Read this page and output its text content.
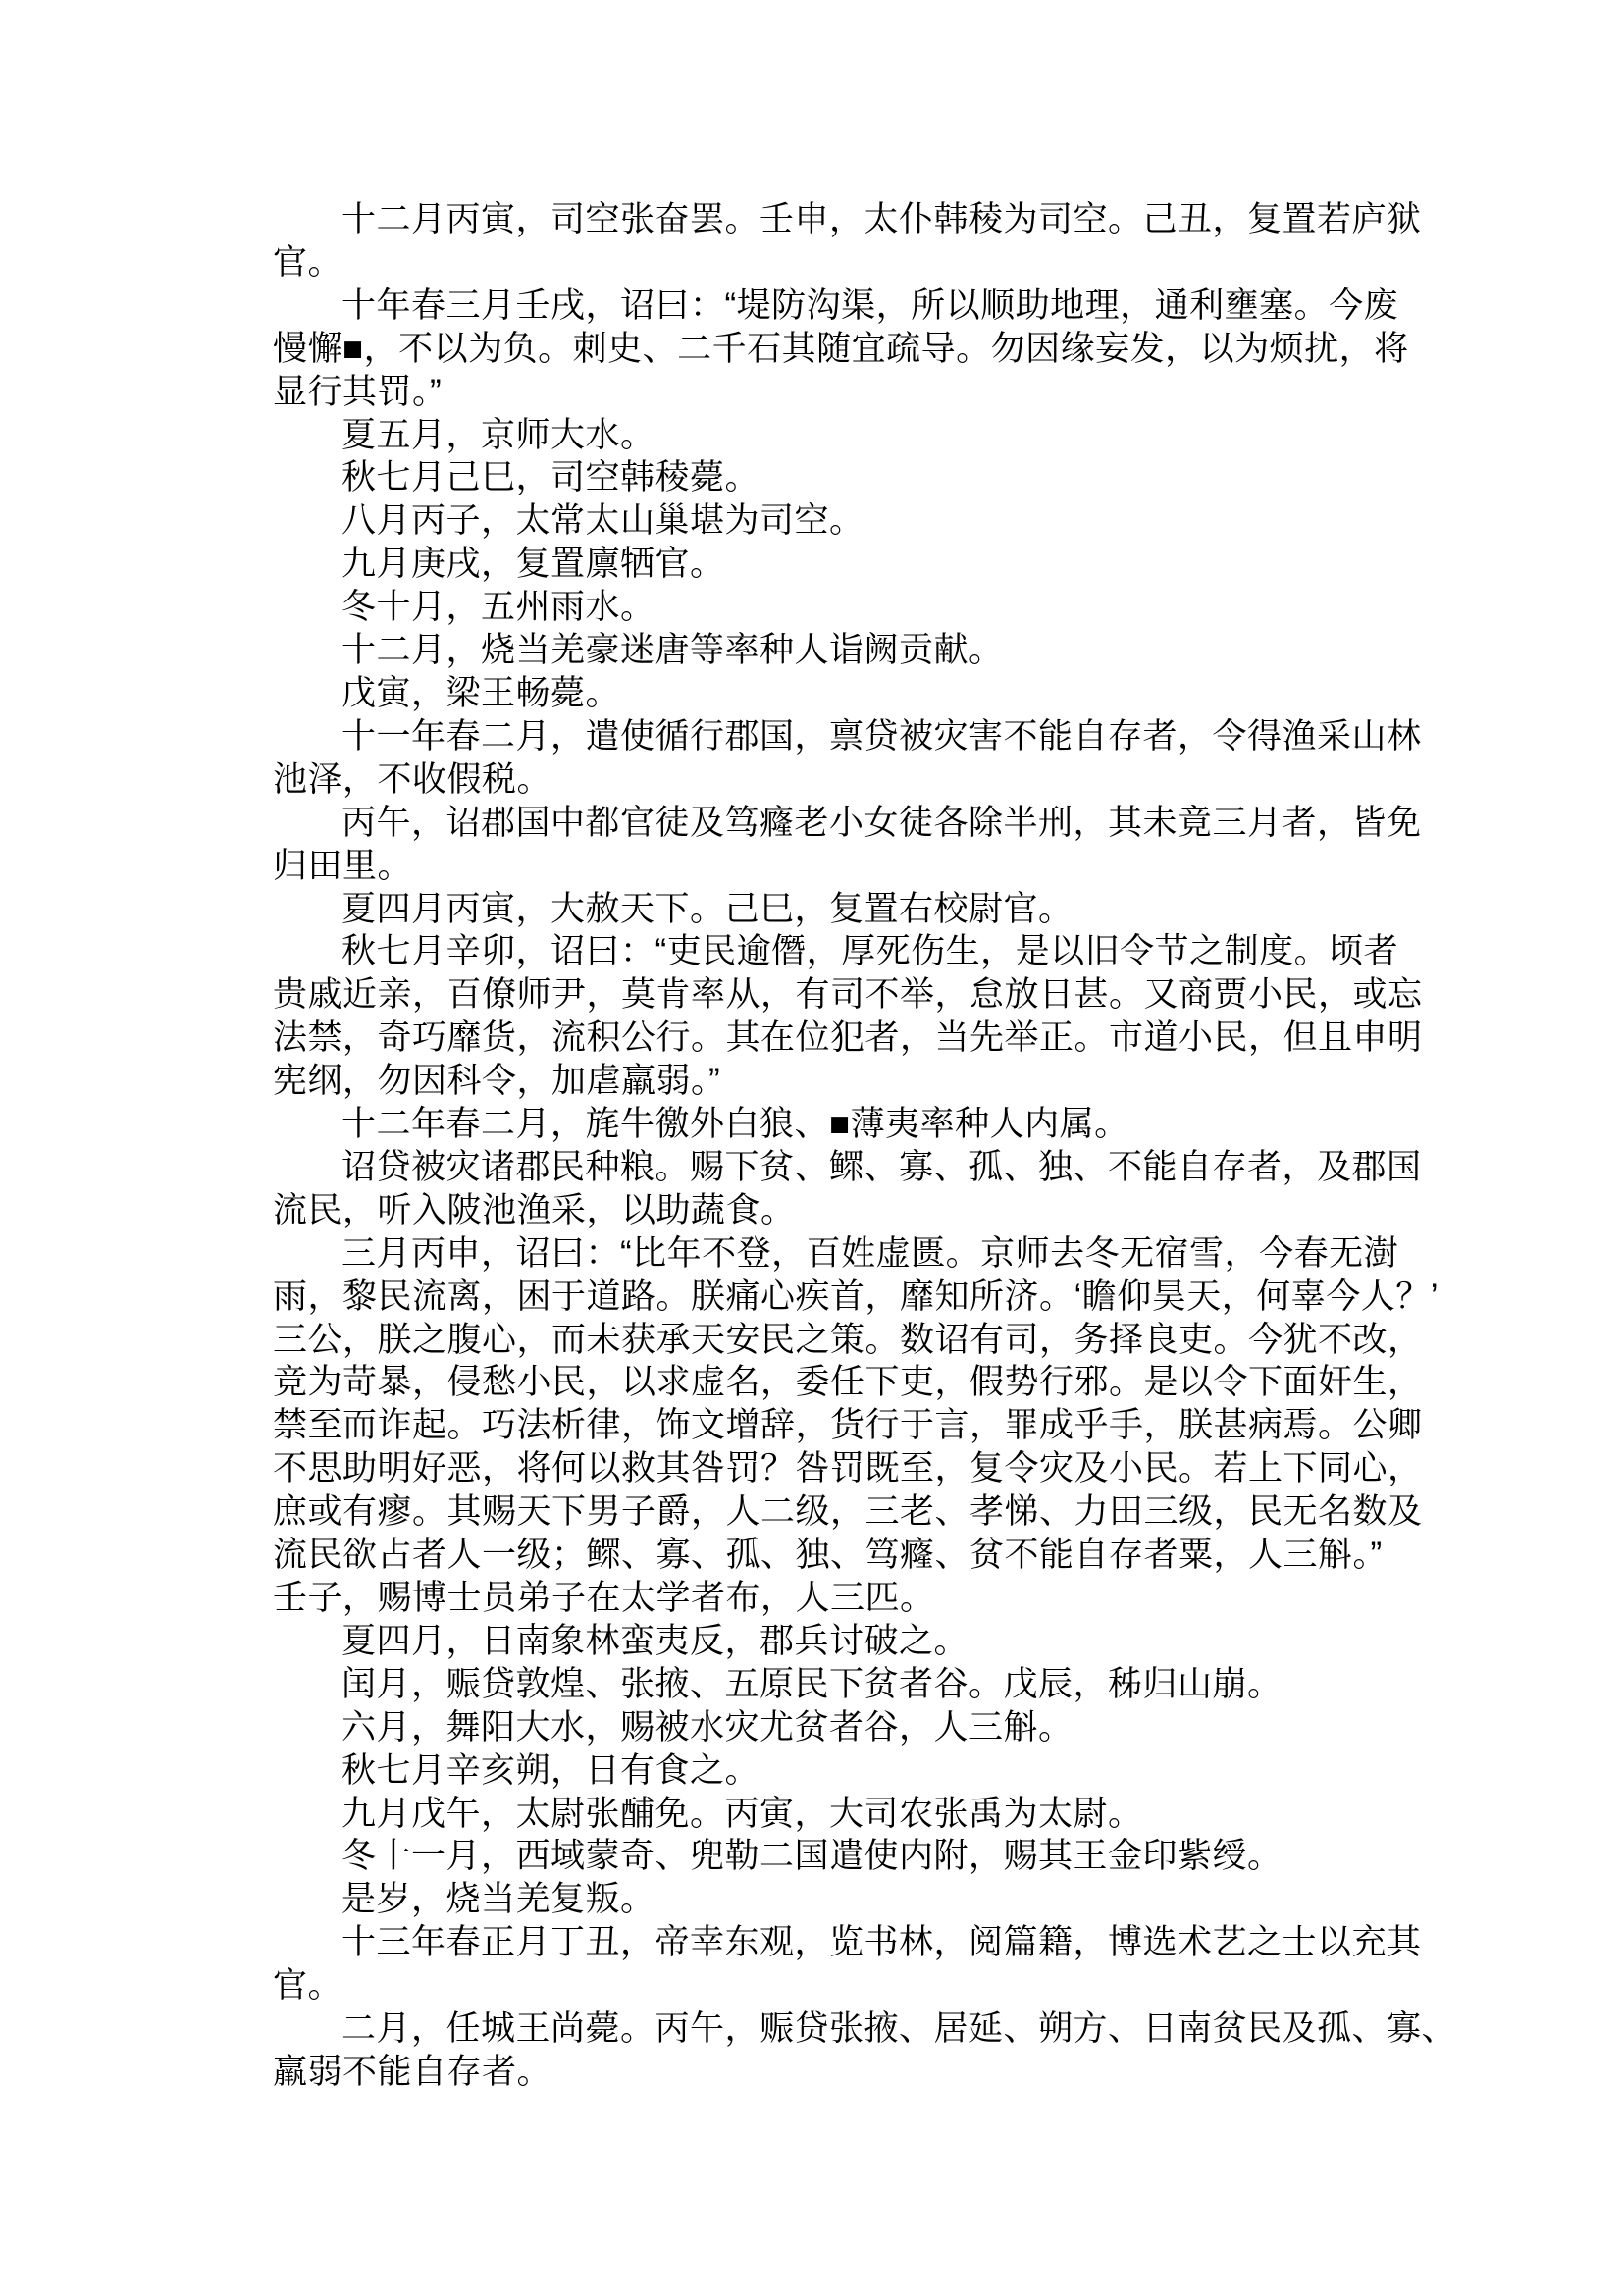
十二月丙寅，司空张奋罢。壬申，太仆韩稜为司空。己丑，复置若庐狱
官。
十年春三月壬戌，诏曰：“堤防沟渠，所以顺助地理，通利壅塞。今废
慢懈■，不以为负。刺史、二千石其随宜疏导。勿因缘妄发，以为烦扰，将
显行其罚。”
夏五月，京师大水。
秋七月己巳，司空韩稜薨。
八月丙子，太常太山巢堪为司空。
九月庚戌，复置廪牺官。
冬十月，五州雨水。
十二月，烧当羌豪迷唐等率种人诣阙贡献。
戊寅，梁王畅薨。
十一年春二月，遣使循行郡国，禀贷被灾害不能自存者，令得渔采山林
池泽，不收假税。
丙午，诏郡国中都官徒及笃癃老小女徒各除半刑，其未竟三月者，皆免
归田里。
夏四月丙寅，大赦天下。己巳，复置右校尉官。
秋七月辛卯，诏曰：“吏民逾僭，厚死伤生，是以旧令节之制度。顷者
贵戚近亲，百僚师尹，莫肯率从，有司不举，怠放日甚。又商贾小民，或忘
法禁，奇巧靡货，流积公行。其在位犯者，当先举正。市道小民，但且申明
宪纲，勿因科令，加虐羸弱。”
十二年春二月，旄牛徼外白狼、■薄夷率种人内属。
诏贷被灾诸郡民种粮。赐下贫、鳏、寡、孤、独、不能自存者，及郡国
流民，听入陂池渔采，以助蔬食。
三月丙申，诏曰：“比年不登，百姓虚匮。京师去冬无宿雪，今春无澍
雨，黎民流离，困于道路。朕痛心疾首，靡知所济。‘瞻仰昊天，何辜今人？’
三公，朕之腹心，而未获承天安民之策。数诏有司，务择良吏。今犹不改，
竞为苛暴，侵愁小民，以求虚名，委任下吏，假势行邪。是以令下面奸生，
禁至而诈起。巧法析律，饰文增辞，货行于言，罪成乎手，朕甚病焉。公卿
不思助明好恶，将何以救其咎罚？咎罚既至，复令灾及小民。若上下同心，
庶或有瘳。其赐天下男子爵，人二级，三老、孝悌、力田三级，民无名数及
流民欲占者人一级；鳏、寡、孤、独、笃癃、贫不能自存者粟，人三斛。”
壬子，赐博士员弟子在太学者布，人三匹。
夏四月，日南象林蛮夷反，郡兵讨破之。
闰月，赈贷敦煌、张掖、五原民下贫者谷。戊辰，秭归山崩。
六月，舞阳大水，赐被水灾尤贫者谷，人三斛。
秋七月辛亥朔，日有食之。
九月戊午，太尉张酺免。丙寅，大司农张禹为太尉。
冬十一月，西域蒙奇、兜勒二国遣使内附，赐其王金印紫绶。
是岁，烧当羌复叛。
十三年春正月丁丑，帝幸东观，览书林，阅篇籍，博选术艺之士以充其
官。
二月，任城王尚薨。丙午，赈贷张掖、居延、朔方、日南贫民及孤、寡、
羸弱不能自存者。
